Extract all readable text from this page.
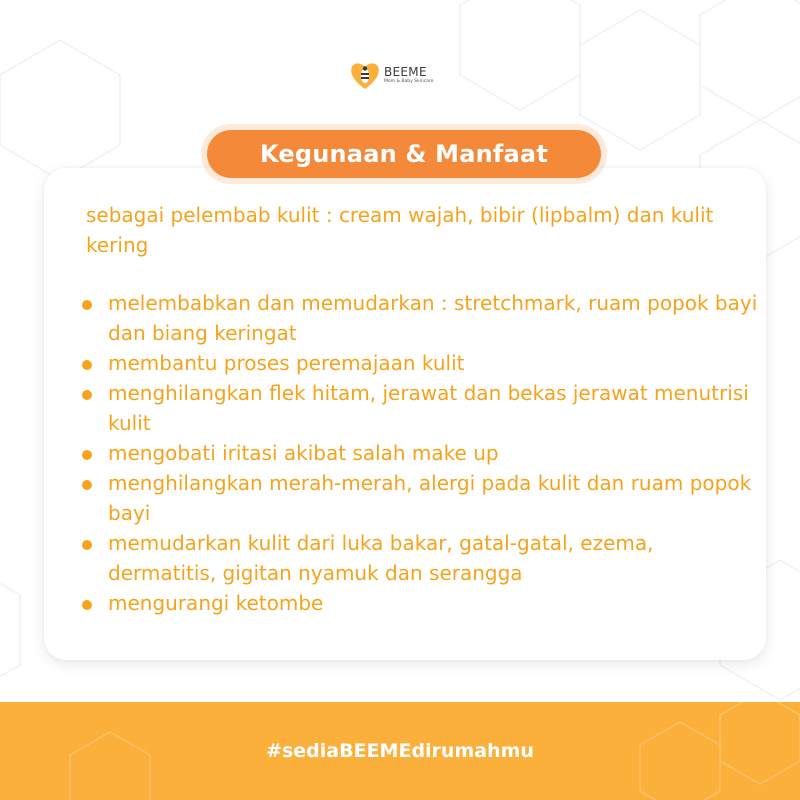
BEEME
Mom & Baby Skincare
Kegunaan & Manfaat

sebagai pelembab kulit : cream wajah, bibir (lipbalm) dan kulit kering

melembabkan dan memudarkan : stretchmark, ruam popok bayi dan biang keringat
membantu proses peremajaan kulit
menghilangkan flek hitam, jerawat dan bekas jerawat menutrisi kulit
mengobati iritasi akibat salah make up
menghilangkan merah-merah, alergi pada kulit dan ruam popok bayi
memudarkan kulit dari luka bakar, gatal-gatal, ezema, dermatitis, gigitan nyamuk dan serangga
mengurangi ketombe
#sediaBEEMEdirumahmu
